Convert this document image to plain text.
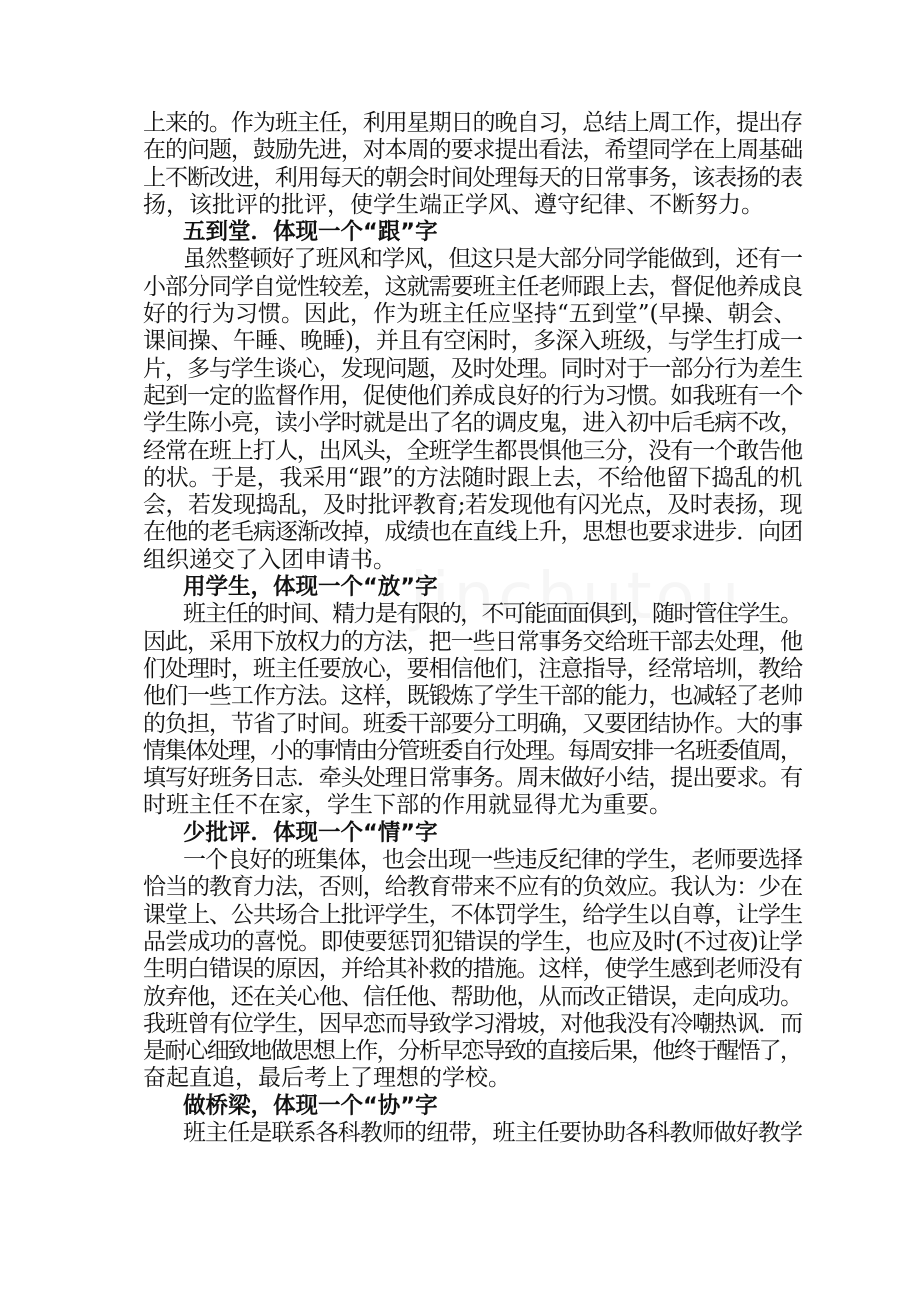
上来的。作为班主任，利用星期日的晚自习，总结上周工作，提出存
在的问题，鼓励先进，对本周的要求提出看法，希望同学在上周基础
上不断改进，利用每天的朝会时间处理每天的日常事务，该表扬的表
扬，该批评的批评，使学生端正学风、遵守纪律、不断努力。
五到堂．体现一个“跟”字
虽然整顿好了班风和学风，但这只是大部分同学能做到，还有一
小部分同学自觉性较差，这就需要班主任老师跟上去，督促他养成良
好的行为习惯。因此，作为班主任应坚持“五到堂”(早操、朝会、
课间操、午睡、晚睡)，并且有空闲时，多深入班级，与学生打成一
片，多与学生谈心，发现问题，及时处理。同时对于一部分行为差生
起到一定的监督作用，促使他们养成良好的行为习惯。如我班有一个
学生陈小亮，读小学时就是出了名的调皮鬼，进入初中后毛病不改，
经常在班上打人，出风头，全班学生都畏惧他三分，没有一个敢告他
的状。于是，我采用“跟”的方法随时跟上去，不给他留下捣乱的机
会，若发现捣乱，及时批评教育;若发现他有闪光点，及时表扬，现
在他的老毛病逐渐改掉，成绩也在直线上升，思想也要求进步．向团
组织递交了入团申请书。
用学生，体现一个“放”字
班主任的时间、精力是有限的，不可能面面俱到，随时管住学生。
因此，采用下放权力的方法，把一些日常事务交给班干部去处理，他
们处理时，班主任要放心，要相信他们，注意指导，经常培圳，教给
他们一些工作方法。这样，既锻炼了学生干部的能力，也减轻了老帅
的负担，节省了时间。班委干部要分工明确，又要团结协作。大的事
情集体处理，小的事情由分管班委自行处理。每周安排一名班委值周，
填写好班务日志．牵头处理日常事务。周末做好小结，提出要求。有
时班主任不在家，学生下部的作用就显得尤为重要。
少批评．体现一个“情”字
一个良好的班集体，也会出现一些违反纪律的学生，老师要选择
恰当的教育力法，否则，给教育带来不应有的负效应。我认为：少在
课堂上、公共场合上批评学生，不体罚学生，给学生以自尊，让学生
品尝成功的喜悦。即使要惩罚犯错误的学生，也应及时(不过夜)让学
生明白错误的原因，并给其补救的措施。这样，使学生感到老师没有
放弃他，还在关心他、信任他、帮助他，从而改正错误，走向成功。
我班曾有位学生，因早恋而导致学习滑坡，对他我没有冷嘲热讽．而
是耐心细致地做思想上作，分析早恋导致的直接后果，他终于醒悟了，
奋起直追，最后考上了理想的学校。
做桥梁，体现一个“协”字
班主任是联系各科教师的纽带，班主任要协助各科教师做好教学
